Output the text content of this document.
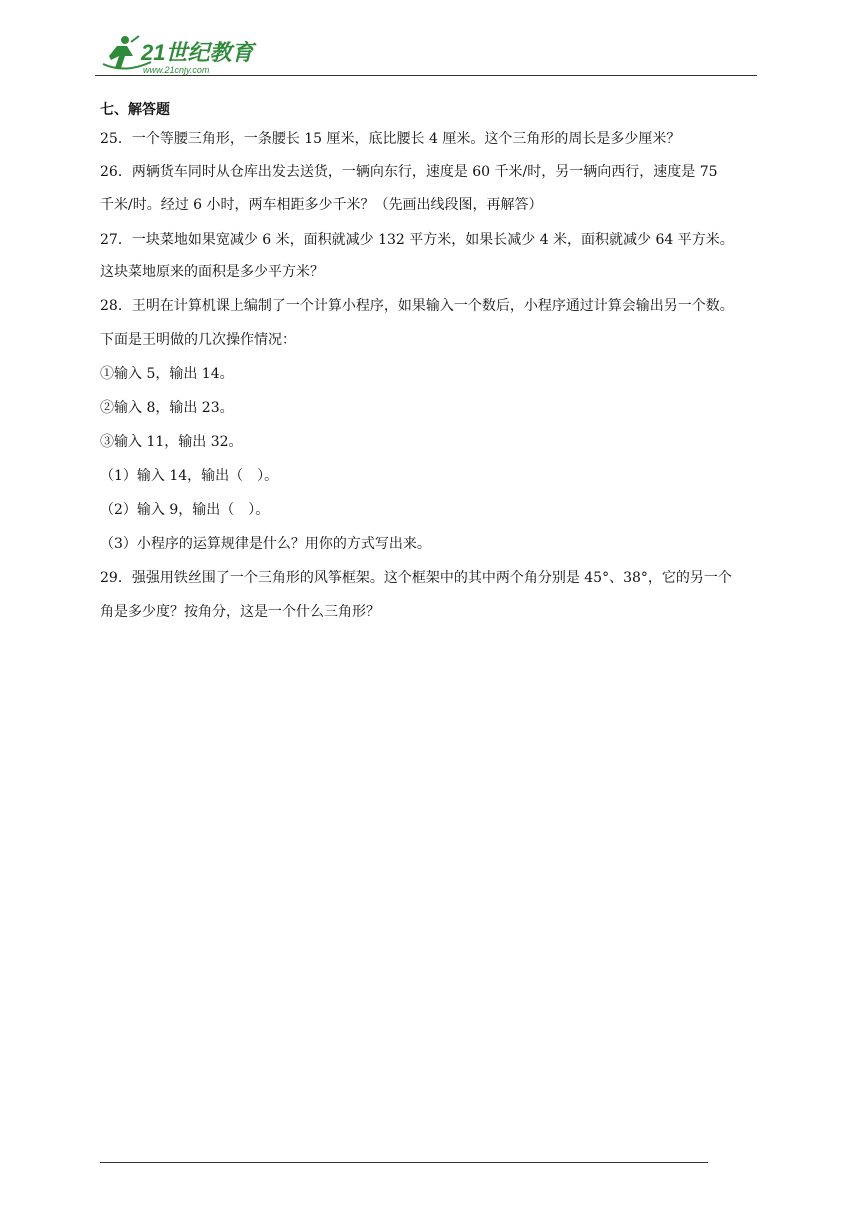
21世纪教育
www.21cnjy.com
七、解答题
25．一个等腰三角形，一条腰长 15 厘米，底比腰长 4 厘米。这个三角形的周长是多少厘米？
26．两辆货车同时从仓库出发去送货，一辆向东行，速度是 60 千米/时，另一辆向西行，速度是 75
千米/时。经过 6 小时，两车相距多少千米？（先画出线段图，再解答）
27．一块菜地如果宽减少 6 米，面积就减少 132 平方米，如果长减少 4 米，面积就减少 64 平方米。
这块菜地原来的面积是多少平方米？
28．王明在计算机课上编制了一个计算小程序，如果输入一个数后，小程序通过计算会输出另一个数。
下面是王明做的几次操作情况：
①输入 5，输出 14。
②输入 8，输出 23。
③输入 11，输出 32。
（1）输入 14，输出（　）。
（2）输入 9，输出（　）。
（3）小程序的运算规律是什么？用你的方式写出来。
29．强强用铁丝围了一个三角形的风筝框架。这个框架中的其中两个角分别是 45°、38°，它的另一个
角是多少度？按角分，这是一个什么三角形？
